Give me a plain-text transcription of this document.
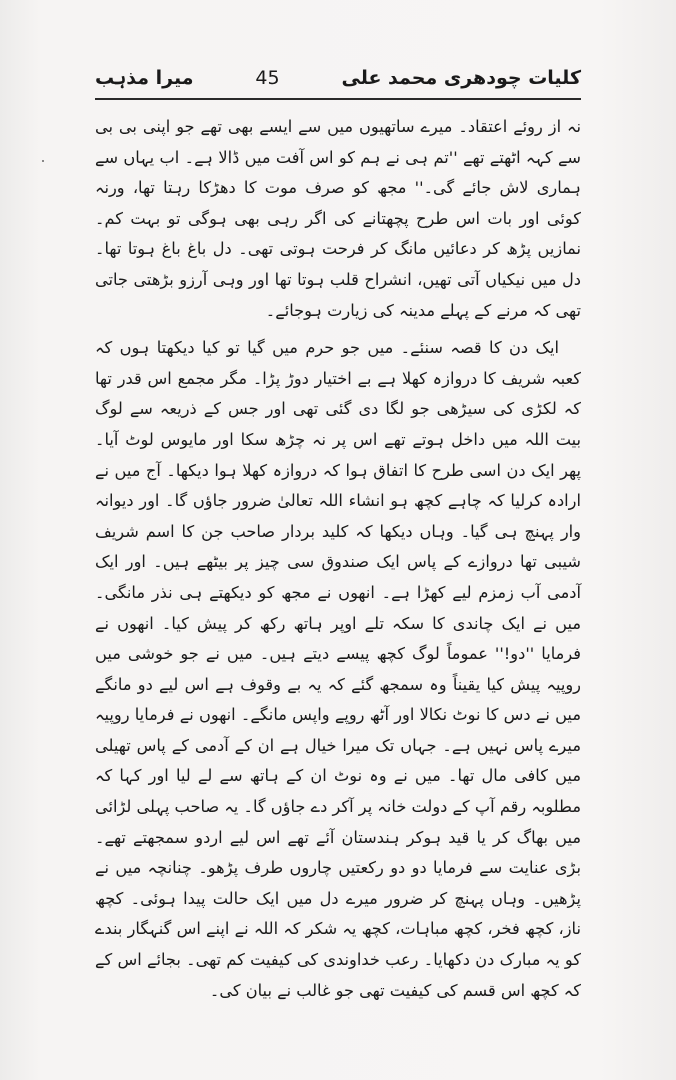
کلیات چودھری محمد علی
45
میرا مذہب

نہ از روئے اعتقاد۔ میرے ساتھیوں میں سے ایسے بھی تھے جو اپنی بی بی سے کہہ اٹھتے تھے ''تم ہی نے ہم کو اس آفت میں ڈالا ہے۔ اب یہاں سے ہماری لاش جائے گی۔'' مجھ کو صرف موت کا دھڑکا رہتا تھا، ورنہ کوئی اور بات اس طرح پچھتانے کی اگر رہی بھی ہوگی تو بہت کم۔ نمازیں پڑھ کر دعائیں مانگ کر فرحت ہوتی تھی۔ دل باغ باغ ہوتا تھا۔ دل میں نیکیاں آتی تھیں، انشراح قلب ہوتا تھا اور وہی آرزو بڑھتی جاتی تھی کہ مرنے کے پہلے مدینہ کی زیارت ہوجائے۔

ایک دن کا قصہ سنئے۔ میں جو حرم میں گیا تو کیا دیکھتا ہوں کہ کعبہ شریف کا دروازہ کھلا ہے بے اختیار دوڑ پڑا۔ مگر مجمع اس قدر تھا کہ لکڑی کی سیڑھی جو لگا دی گئی تھی اور جس کے ذریعہ سے لوگ بیت اللہ میں داخل ہوتے تھے اس پر نہ چڑھ سکا اور مایوس لوٹ آیا۔ پھر ایک دن اسی طرح کا اتفاق ہوا کہ دروازہ کھلا ہوا دیکھا۔ آج میں نے ارادہ کرلیا کہ چاہے کچھ ہو انشاء اللہ تعالیٰ ضرور جاؤں گا۔ اور دیوانہ وار پہنچ ہی گیا۔ وہاں دیکھا کہ کلید بردار صاحب جن کا اسم شریف شیبی تھا دروازے کے پاس ایک صندوق سی چیز پر بیٹھے ہیں۔ اور ایک آدمی آب زمزم لیے کھڑا ہے۔ انھوں نے مجھ کو دیکھتے ہی نذر مانگی۔ میں نے ایک چاندی کا سکہ تلے اوپر ہاتھ رکھ کر پیش کیا۔ انھوں نے فرمایا ''دو!'' عموماً لوگ کچھ پیسے دیتے ہیں۔ میں نے جو خوشی میں روپیہ پیش کیا یقیناً وہ سمجھ گئے کہ یہ بے وقوف ہے اس لیے دو مانگے میں نے دس کا نوٹ نکالا اور آٹھ روپے واپس مانگے۔ انھوں نے فرمایا روپیہ میرے پاس نہیں ہے۔ جہاں تک میرا خیال ہے ان کے آدمی کے پاس تھیلی میں کافی مال تھا۔ میں نے وہ نوٹ ان کے ہاتھ سے لے لیا اور کہا کہ مطلوبہ رقم آپ کے دولت خانہ پر آکر دے جاؤں گا۔ یہ صاحب پہلی لڑائی میں بھاگ کر یا قید ہوکر ہندستان آئے تھے اس لیے اردو سمجھتے تھے۔ بڑی عنایت سے فرمایا دو دو رکعتیں چاروں طرف پڑھو۔ چنانچہ میں نے پڑھیں۔ وہاں پہنچ کر ضرور میرے دل میں ایک حالت پیدا ہوئی۔ کچھ ناز، کچھ فخر، کچھ مباہات، کچھ یہ شکر کہ اللہ نے اپنے اس گنہگار بندے کو یہ مبارک دن دکھایا۔ رعب خداوندی کی کیفیت کم تھی۔ بجائے اس کے کہ کچھ اس قسم کی کیفیت تھی جو غالب نے بیان کی۔
